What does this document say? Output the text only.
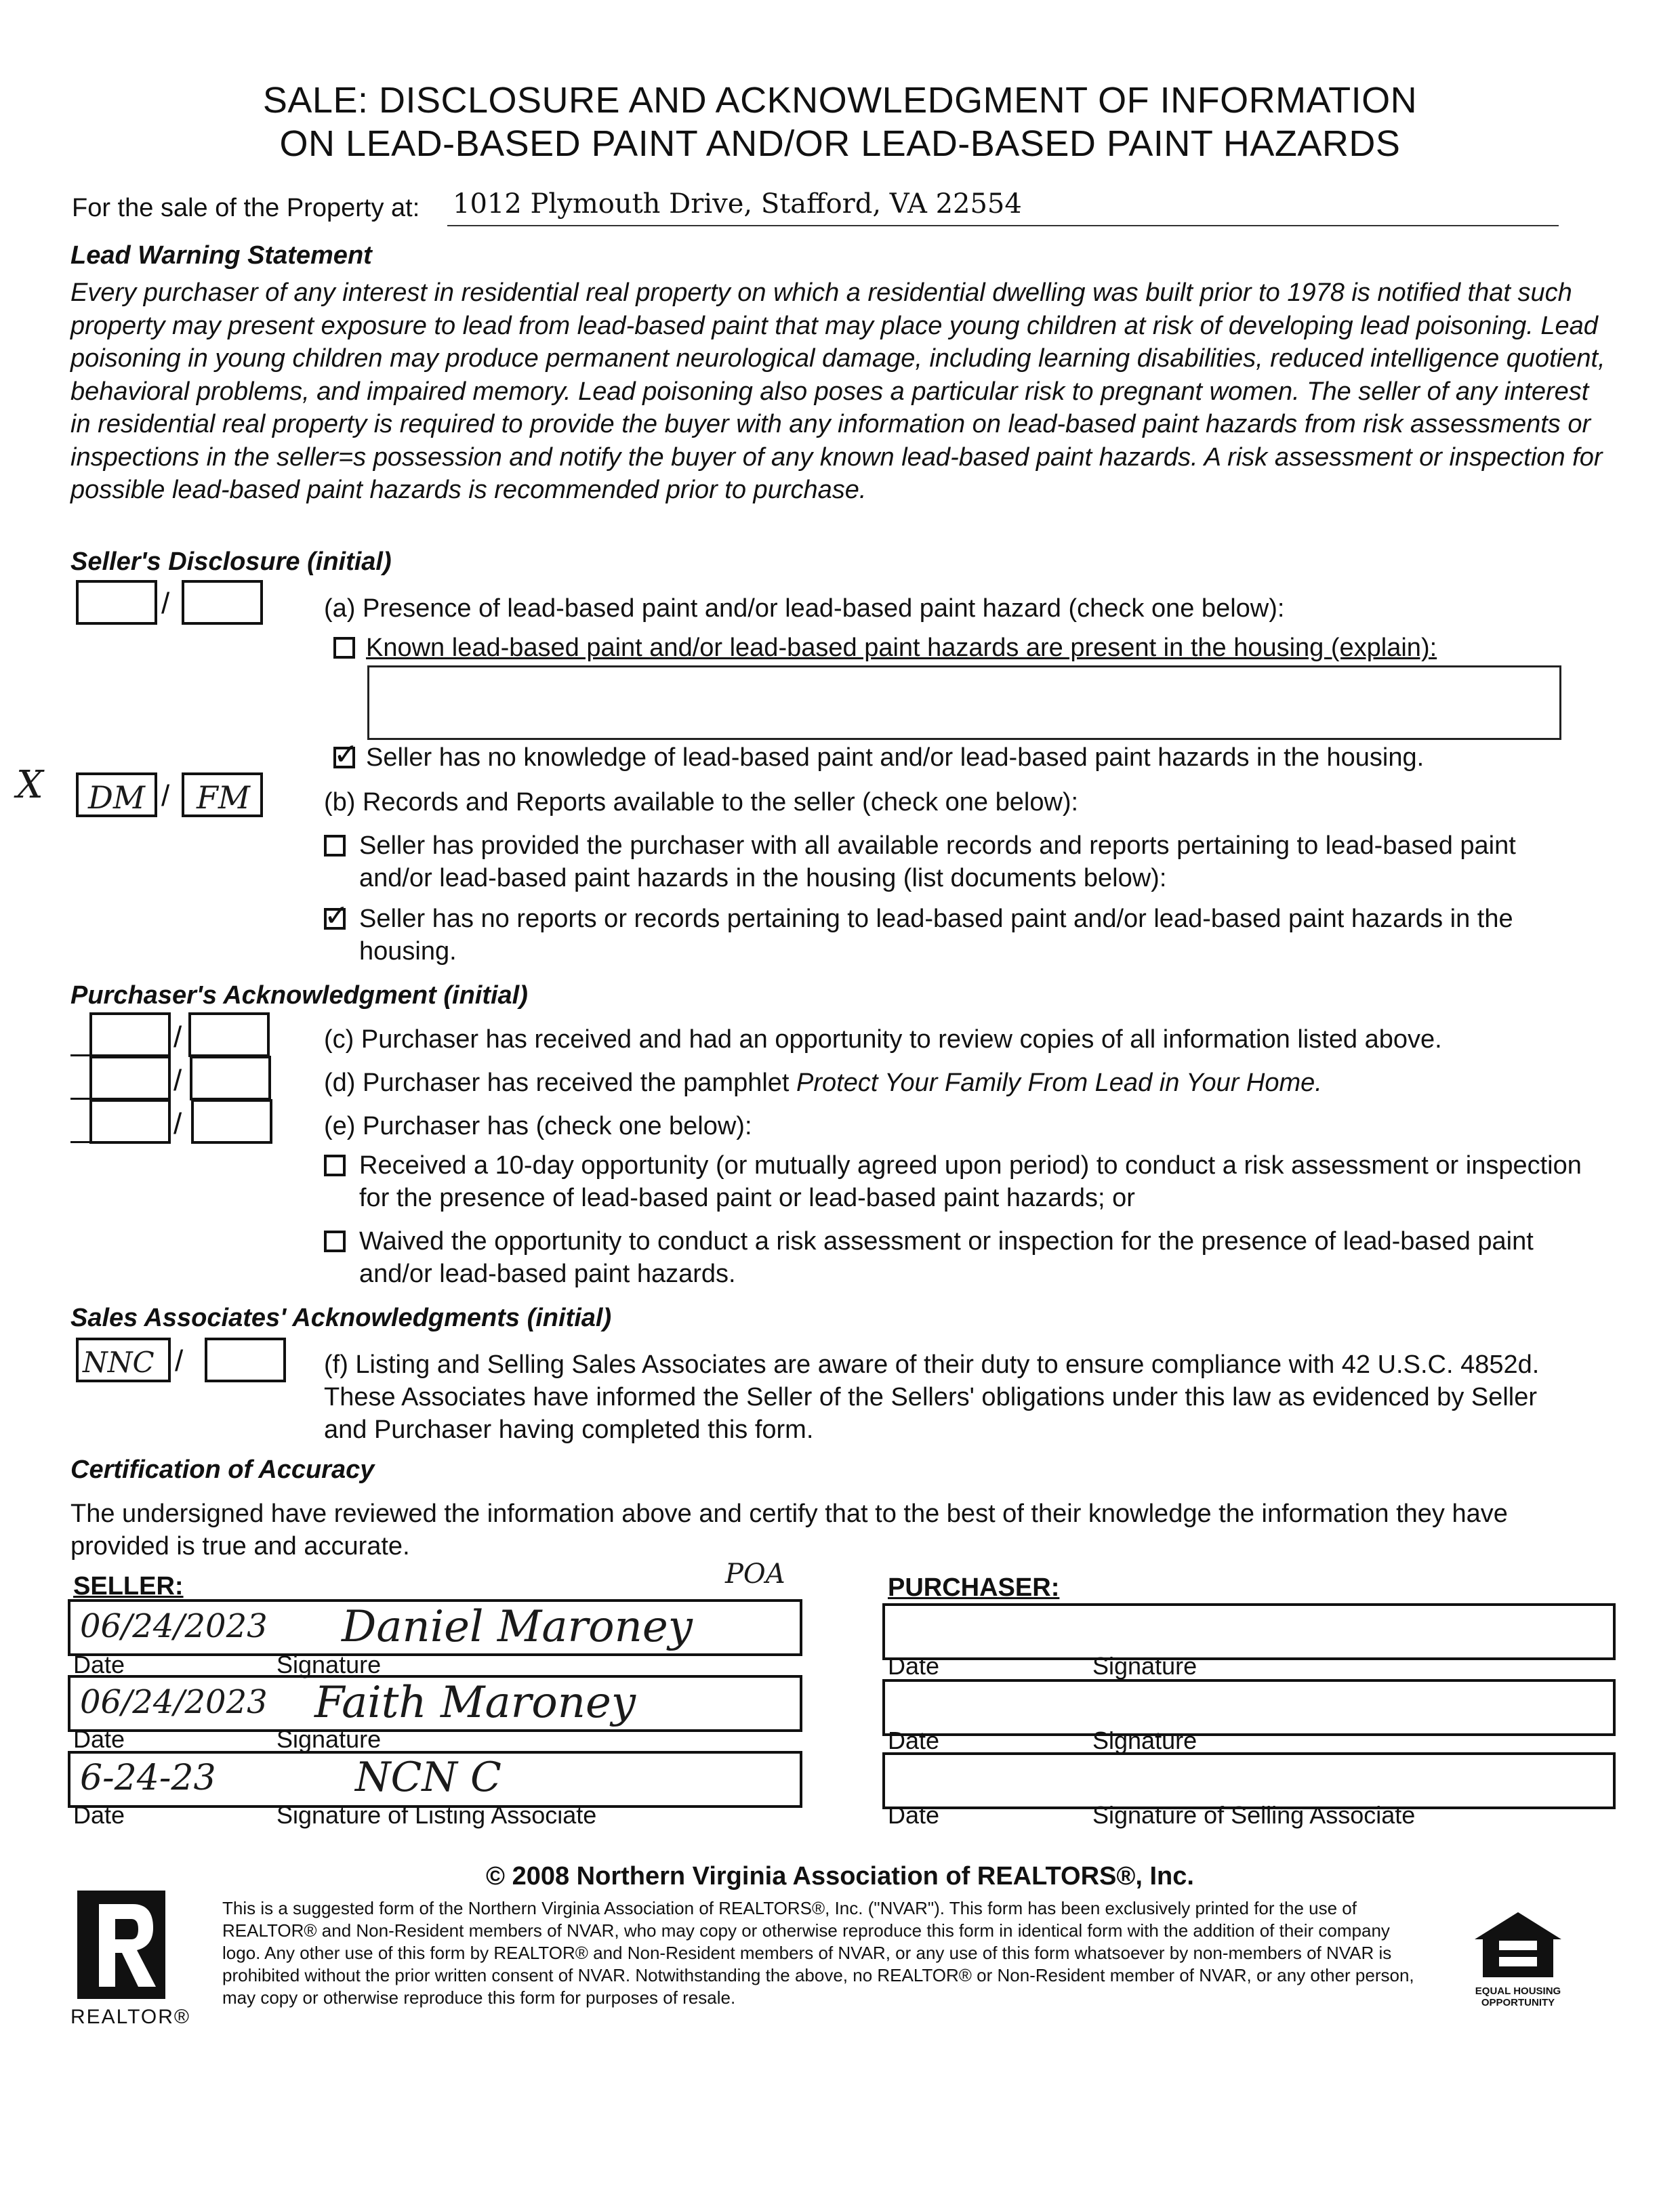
SALE: DISCLOSURE AND ACKNOWLEDGMENT OF INFORMATION
ON LEAD-BASED PAINT AND/OR LEAD-BASED PAINT HAZARDS
For the sale of the Property at: 1012 Plymouth Drive, Stafford, VA 22554
Lead Warning Statement
Every purchaser of any interest in residential real property on which a residential dwelling was built prior to 1978 is notified that such property may present exposure to lead from lead-based paint that may place young children at risk of developing lead poisoning. Lead poisoning in young children may produce permanent neurological damage, including learning disabilities, reduced intelligence quotient, behavioral problems, and impaired memory. Lead poisoning also poses a particular risk to pregnant women. The seller of any interest in residential real property is required to provide the buyer with any information on lead-based paint hazards from risk assessments or inspections in the seller=s possession and notify the buyer of any known lead-based paint hazards. A risk assessment or inspection for possible lead-based paint hazards is recommended prior to purchase.
Seller's Disclosure (initial)
/	(a) Presence of lead-based paint and/or lead-based paint hazard (check one below):
Known lead-based paint and/or lead-based paint hazards are present in the housing (explain):
✓ Seller has no knowledge of lead-based paint and/or lead-based paint hazards in the housing.
X DM / FM	(b) Records and Reports available to the seller (check one below):
Seller has provided the purchaser with all available records and reports pertaining to lead-based paint and/or lead-based paint hazards in the housing (list documents below):
✓ Seller has no reports or records pertaining to lead-based paint and/or lead-based paint hazards in the housing.
Purchaser's Acknowledgment (initial)
/	(c) Purchaser has received and had an opportunity to review copies of all information listed above.
/	(d) Purchaser has received the pamphlet Protect Your Family From Lead in Your Home.
/	(e) Purchaser has (check one below):
Received a 10-day opportunity (or mutually agreed upon period) to conduct a risk assessment or inspection for the presence of lead-based paint or lead-based paint hazards; or
Waived the opportunity to conduct a risk assessment or inspection for the presence of lead-based paint and/or lead-based paint hazards.
Sales Associates' Acknowledgments (initial)
NNC /	(f) Listing and Selling Sales Associates are aware of their duty to ensure compliance with 42 U.S.C. 4852d. These Associates have informed the Seller of the Sellers' obligations under this law as evidenced by Seller and Purchaser having completed this form.
Certification of Accuracy
The undersigned have reviewed the information above and certify that to the best of their knowledge the information they have provided is true and accurate.
SELLER:	POA
06/24/2023 Daniel Maroney
Date	Signature
06/24/2023 Faith Maroney
Date	Signature
6-24-23	NCN C
Date	Signature of Listing Associate
PURCHASER:
Date	Signature
Date	Signature
Date	Signature of Selling Associate
© 2008 Northern Virginia Association of REALTORS®, Inc.
REALTOR®
This is a suggested form of the Northern Virginia Association of REALTORS®, Inc. ("NVAR"). This form has been exclusively printed for the use of REALTOR® and Non-Resident members of NVAR, who may copy or otherwise reproduce this form in identical form with the addition of their company logo. Any other use of this form by REALTOR® and Non-Resident members of NVAR, or any use of this form whatsoever by non-members of NVAR is prohibited without the prior written consent of NVAR. Notwithstanding the above, no REALTOR® or Non-Resident member of NVAR, or any other person, may copy or otherwise reproduce this form for purposes of resale.	EQUAL HOUSING OPPORTUNITY
